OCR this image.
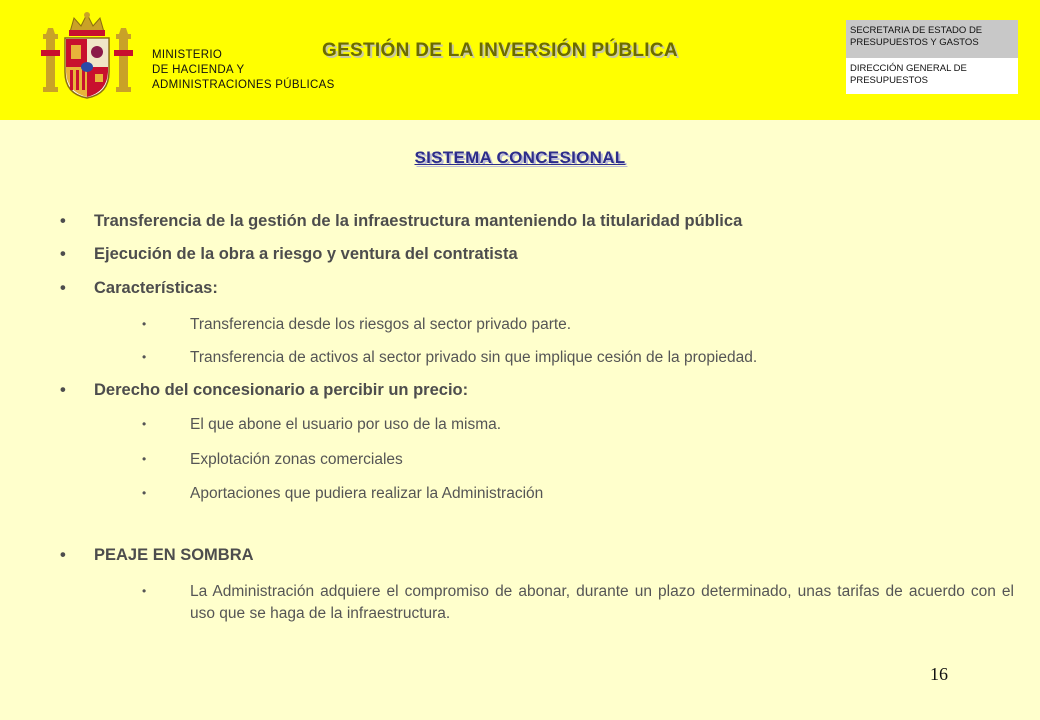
MINISTERIO
DE HACIENDA Y
ADMINISTRACIONES PÚBLICAS
GESTIÓN DE LA INVERSIÓN PÚBLICA
SECRETARIA DE ESTADO DE
PRESUPUESTOS Y GASTOS
DIRECCIÓN GENERAL DE
PRESUPUESTOS
SISTEMA CONCESIONAL
• Transferencia de la gestión de la infraestructura manteniendo la titularidad pública
• Ejecución de la obra a riesgo y ventura del contratista
• Características:
•	Transferencia desde los riesgos al sector privado parte.
•	Transferencia de activos al sector privado sin que implique cesión de la propiedad.
• Derecho del concesionario a percibir un precio:
•	El que abone el usuario por uso de la misma.
•	Explotación zonas comerciales
•	Aportaciones que pudiera realizar la Administración
• PEAJE EN SOMBRA
•	La Administración adquiere el compromiso de abonar, durante un plazo determinado, unas tarifas de acuerdo con el uso que se haga de la infraestructura.
16
